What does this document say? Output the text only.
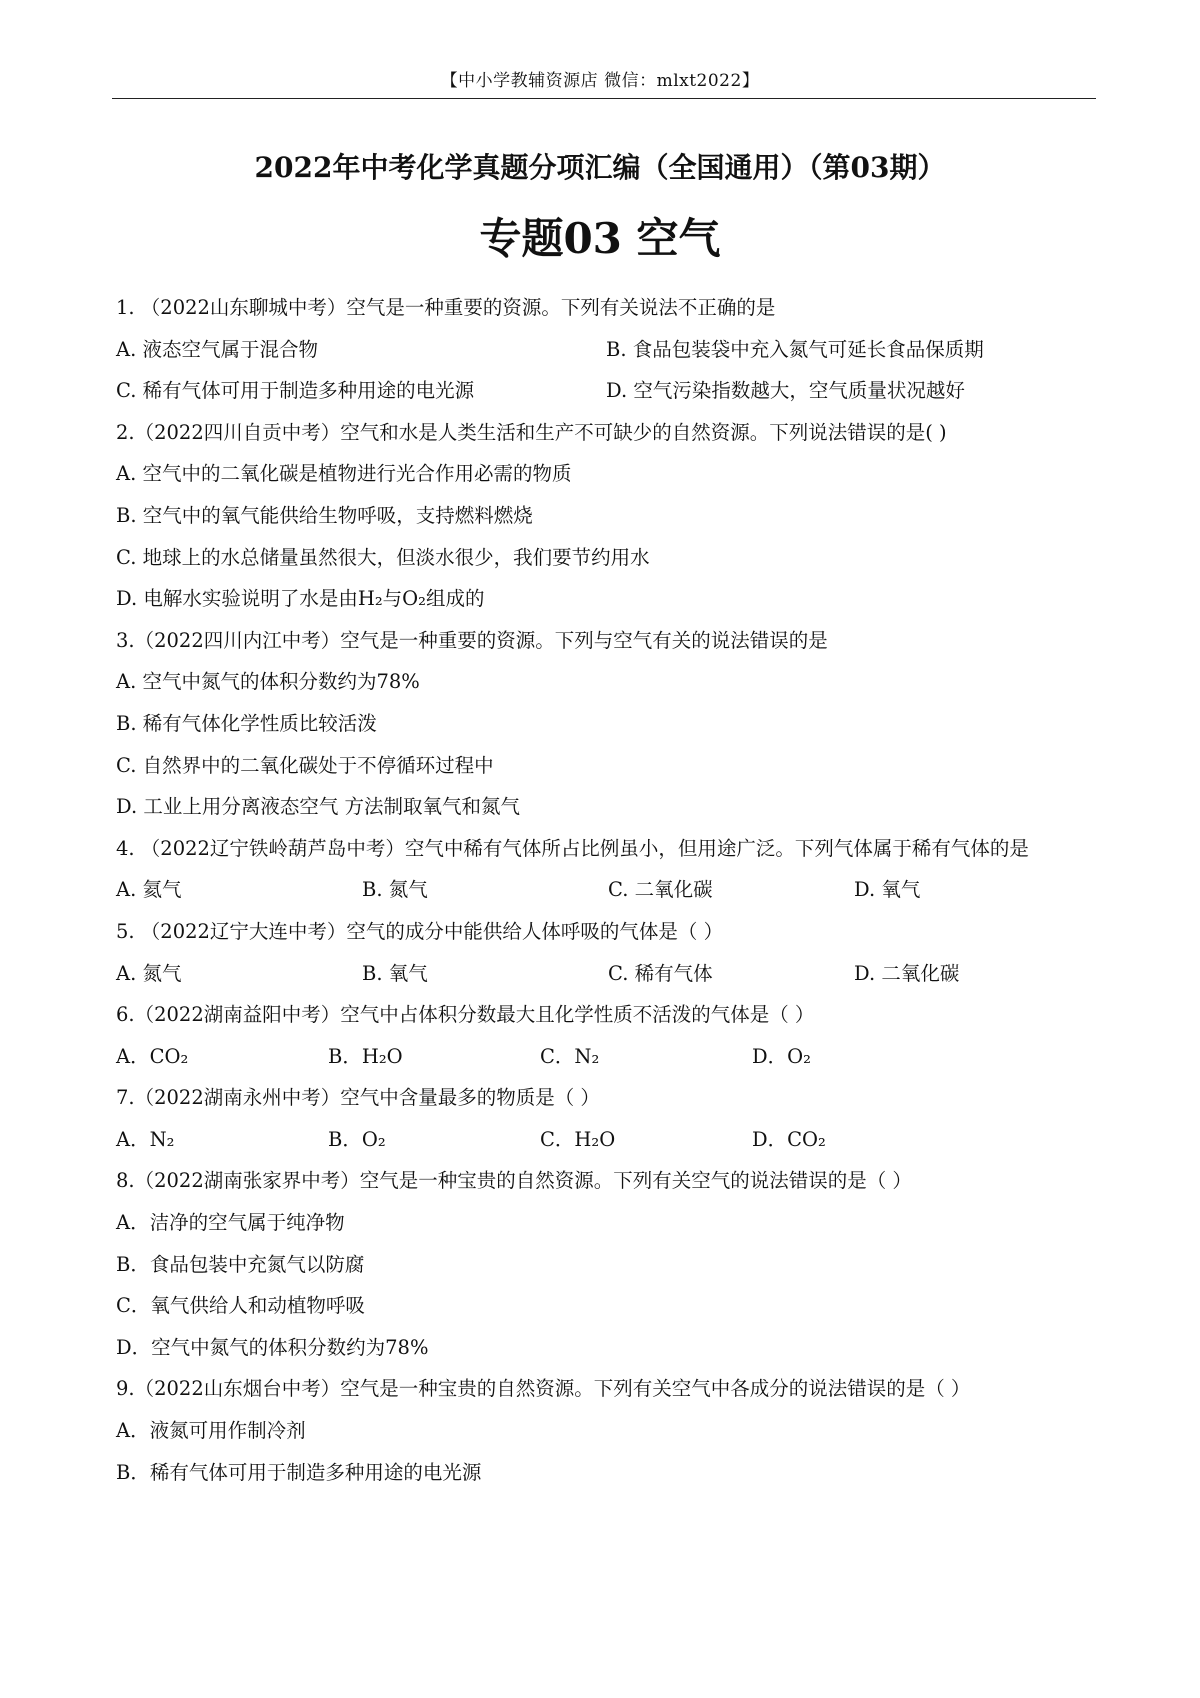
【中小学教辅资源店 微信：mlxt2022】
2022年中考化学真题分项汇编（全国通用）（第03期）
专题03 空气
1. （2022山东聊城中考）空气是一种重要的资源。下列有关说法不正确的是
A. 液态空气属于混合物	B. 食品包装袋中充入氮气可延长食品保质期
C. 稀有气体可用于制造多种用途的电光源	D. 空气污染指数越大，空气质量状况越好
2.（2022四川自贡中考）空气和水是人类生活和生产不可缺少的自然资源。下列说法错误的是( )
A. 空气中的二氧化碳是植物进行光合作用必需的物质
B. 空气中的氧气能供给生物呼吸，支持燃料燃烧
C. 地球上的水总储量虽然很大，但淡水很少，我们要节约用水
D. 电解水实验说明了水是由H₂与O₂组成的
3.（2022四川内江中考）空气是一种重要的资源。下列与空气有关的说法错误的是
A. 空气中氮气的体积分数约为78%
B. 稀有气体化学性质比较活泼
C. 自然界中的二氧化碳处于不停循环过程中
D. 工业上用分离液态空气 方法制取氧气和氮气
4. （2022辽宁铁岭葫芦岛中考）空气中稀有气体所占比例虽小，但用途广泛。下列气体属于稀有气体的是
A. 氦气	B. 氮气	C. 二氧化碳	D. 氧气
5. （2022辽宁大连中考）空气的成分中能供给人体呼吸的气体是（ ）
A. 氮气	B. 氧气	C. 稀有气体	D. 二氧化碳
6.（2022湖南益阳中考）空气中占体积分数最大且化学性质不活泼的气体是（ ）
A．CO₂	B．H₂O	C．N₂	D．O₂
7.（2022湖南永州中考）空气中含量最多的物质是（ ）
A．N₂	B．O₂	C．H₂O	D．CO₂
8.（2022湖南张家界中考）空气是一种宝贵的自然资源。下列有关空气的说法错误的是（ ）
A．洁净的空气属于纯净物
B．食品包装中充氮气以防腐
C．氧气供给人和动植物呼吸
D．空气中氮气的体积分数约为78%
9.（2022山东烟台中考）空气是一种宝贵的自然资源。下列有关空气中各成分的说法错误的是（ ）
A．液氮可用作制冷剂
B．稀有气体可用于制造多种用途的电光源
